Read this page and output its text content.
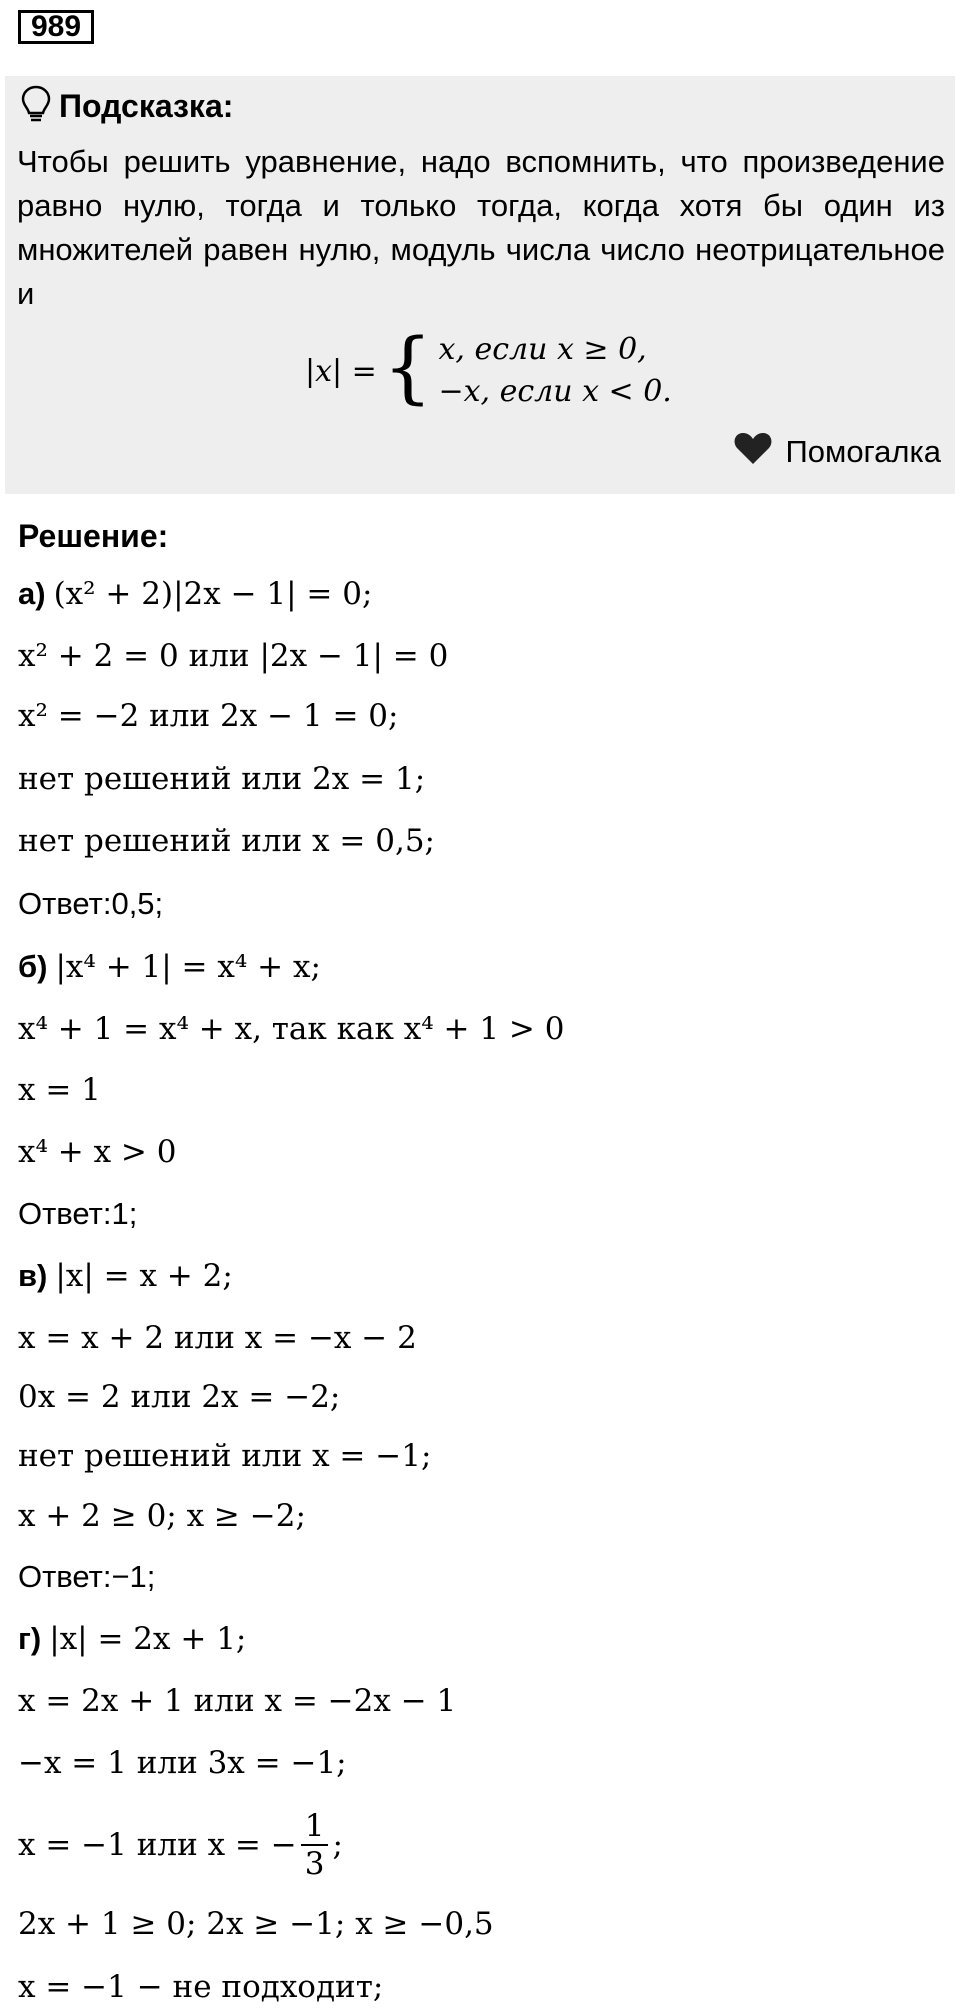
989
Подсказка:
Чтобы решить уравнение, надо вспомнить, что произведение равно нулю, тогда и только тогда, когда хотя бы один из множителей равен нулю, модуль числа число неотрицательное и
|x| = { x, если x ≥ 0,
−x, если x < 0.
Помогалка
Решение:
а) (x² + 2)|2x − 1| = 0;
x² + 2 = 0 или |2x − 1| = 0
x² = −2 или 2x − 1 = 0;
нет решений или 2x = 1;
нет решений или x = 0,5;
Ответ:0,5;
б) |x⁴ + 1| = x⁴ + x;
x⁴ + 1 = x⁴ + x, так как x⁴ + 1 > 0
x = 1
x⁴ + x > 0
Ответ:1;
в) |x| = x + 2;
x = x + 2 или x = −x − 2
0x = 2 или 2x = −2;
нет решений или x = −1;
x + 2 ≥ 0; x ≥ −2;
Ответ:−1;
г) |x| = 2x + 1;
x = 2x + 1 или x = −2x − 1
−x = 1 или 3x = −1;
x = −1 или x = − $\frac{1}{3}$ ;
2x + 1 ≥ 0; 2x ≥ −1; x ≥ −0,5
x = −1 − не подходит;
